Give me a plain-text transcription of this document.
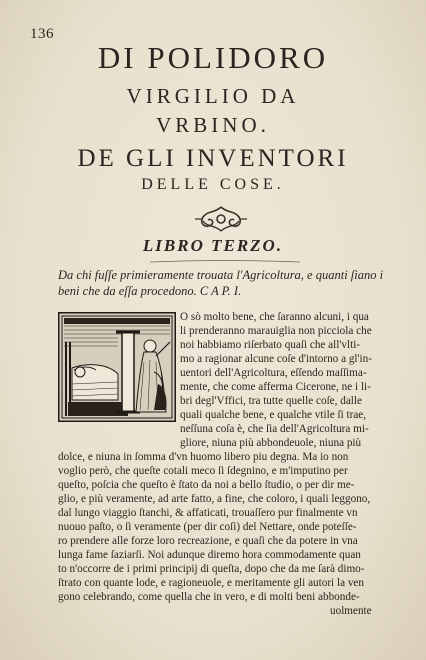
136
DI POLIDORO
VIRGILIO DA
VRBINO.
DE GLI INVENTORI
DELLE COSE.
LIBRO TERZO.
Da chi fuſſe primieramente trouata l'Agricoltura, e quanti ſiano i
beni che da eſſa procedono. C A P. I.
O sò molto bene, che ſaranno alcuni, i qua
li prenderanno marauiglia non picciola che
noi habbiamo riſerbato quaſi che all'vlti-
mo a ragionar alcune coſe d'intorno a gl'in-
uentori dell'Agricoltura, eſſendo maſſima-
mente, che come afferma Cicerone, ne i li-
bri degl'Vffici, tra tutte quelle coſe, dalle
quali qualche bene, e qualche vtile ſi trae,
neſſuna coſa è, che ſia dell'Agricoltura mi-
gliore, niuna più abbondeuole, niuna più
dolce, e niuna in ſomma d'vn huomo libero piu degna. Ma io non
voglio però, che queſte cotali meco ſi ſdegnino, e m'imputino per
queſto, poſcia che queſto è ſtato da noi a bello ſtudio, o per dir me-
glio, e più veramente, ad arte fatto, a fine, che coloro, i quali leggono,
dal lungo viaggio ſtanchi, & affaticati, trouaſſero pur finalmente vn
nuouo paſto, o ſi veramente (per dir coſi) del Nettare, onde poteſſe-
ro prendere alle forze loro recreazione, e quaſi che da potere in vna
lunga fame ſaziarſi. Noi adunque diremo hora commodamente quan
to n'occorre de i primi principij di queſta, dopo che da me ſarà dimo-
ſtrato con quante lode, e ragioneuole, e meritamente gli autori la ven
gono celebrando, come quella che in vero, e di molti beni abbonde-
uolmente
